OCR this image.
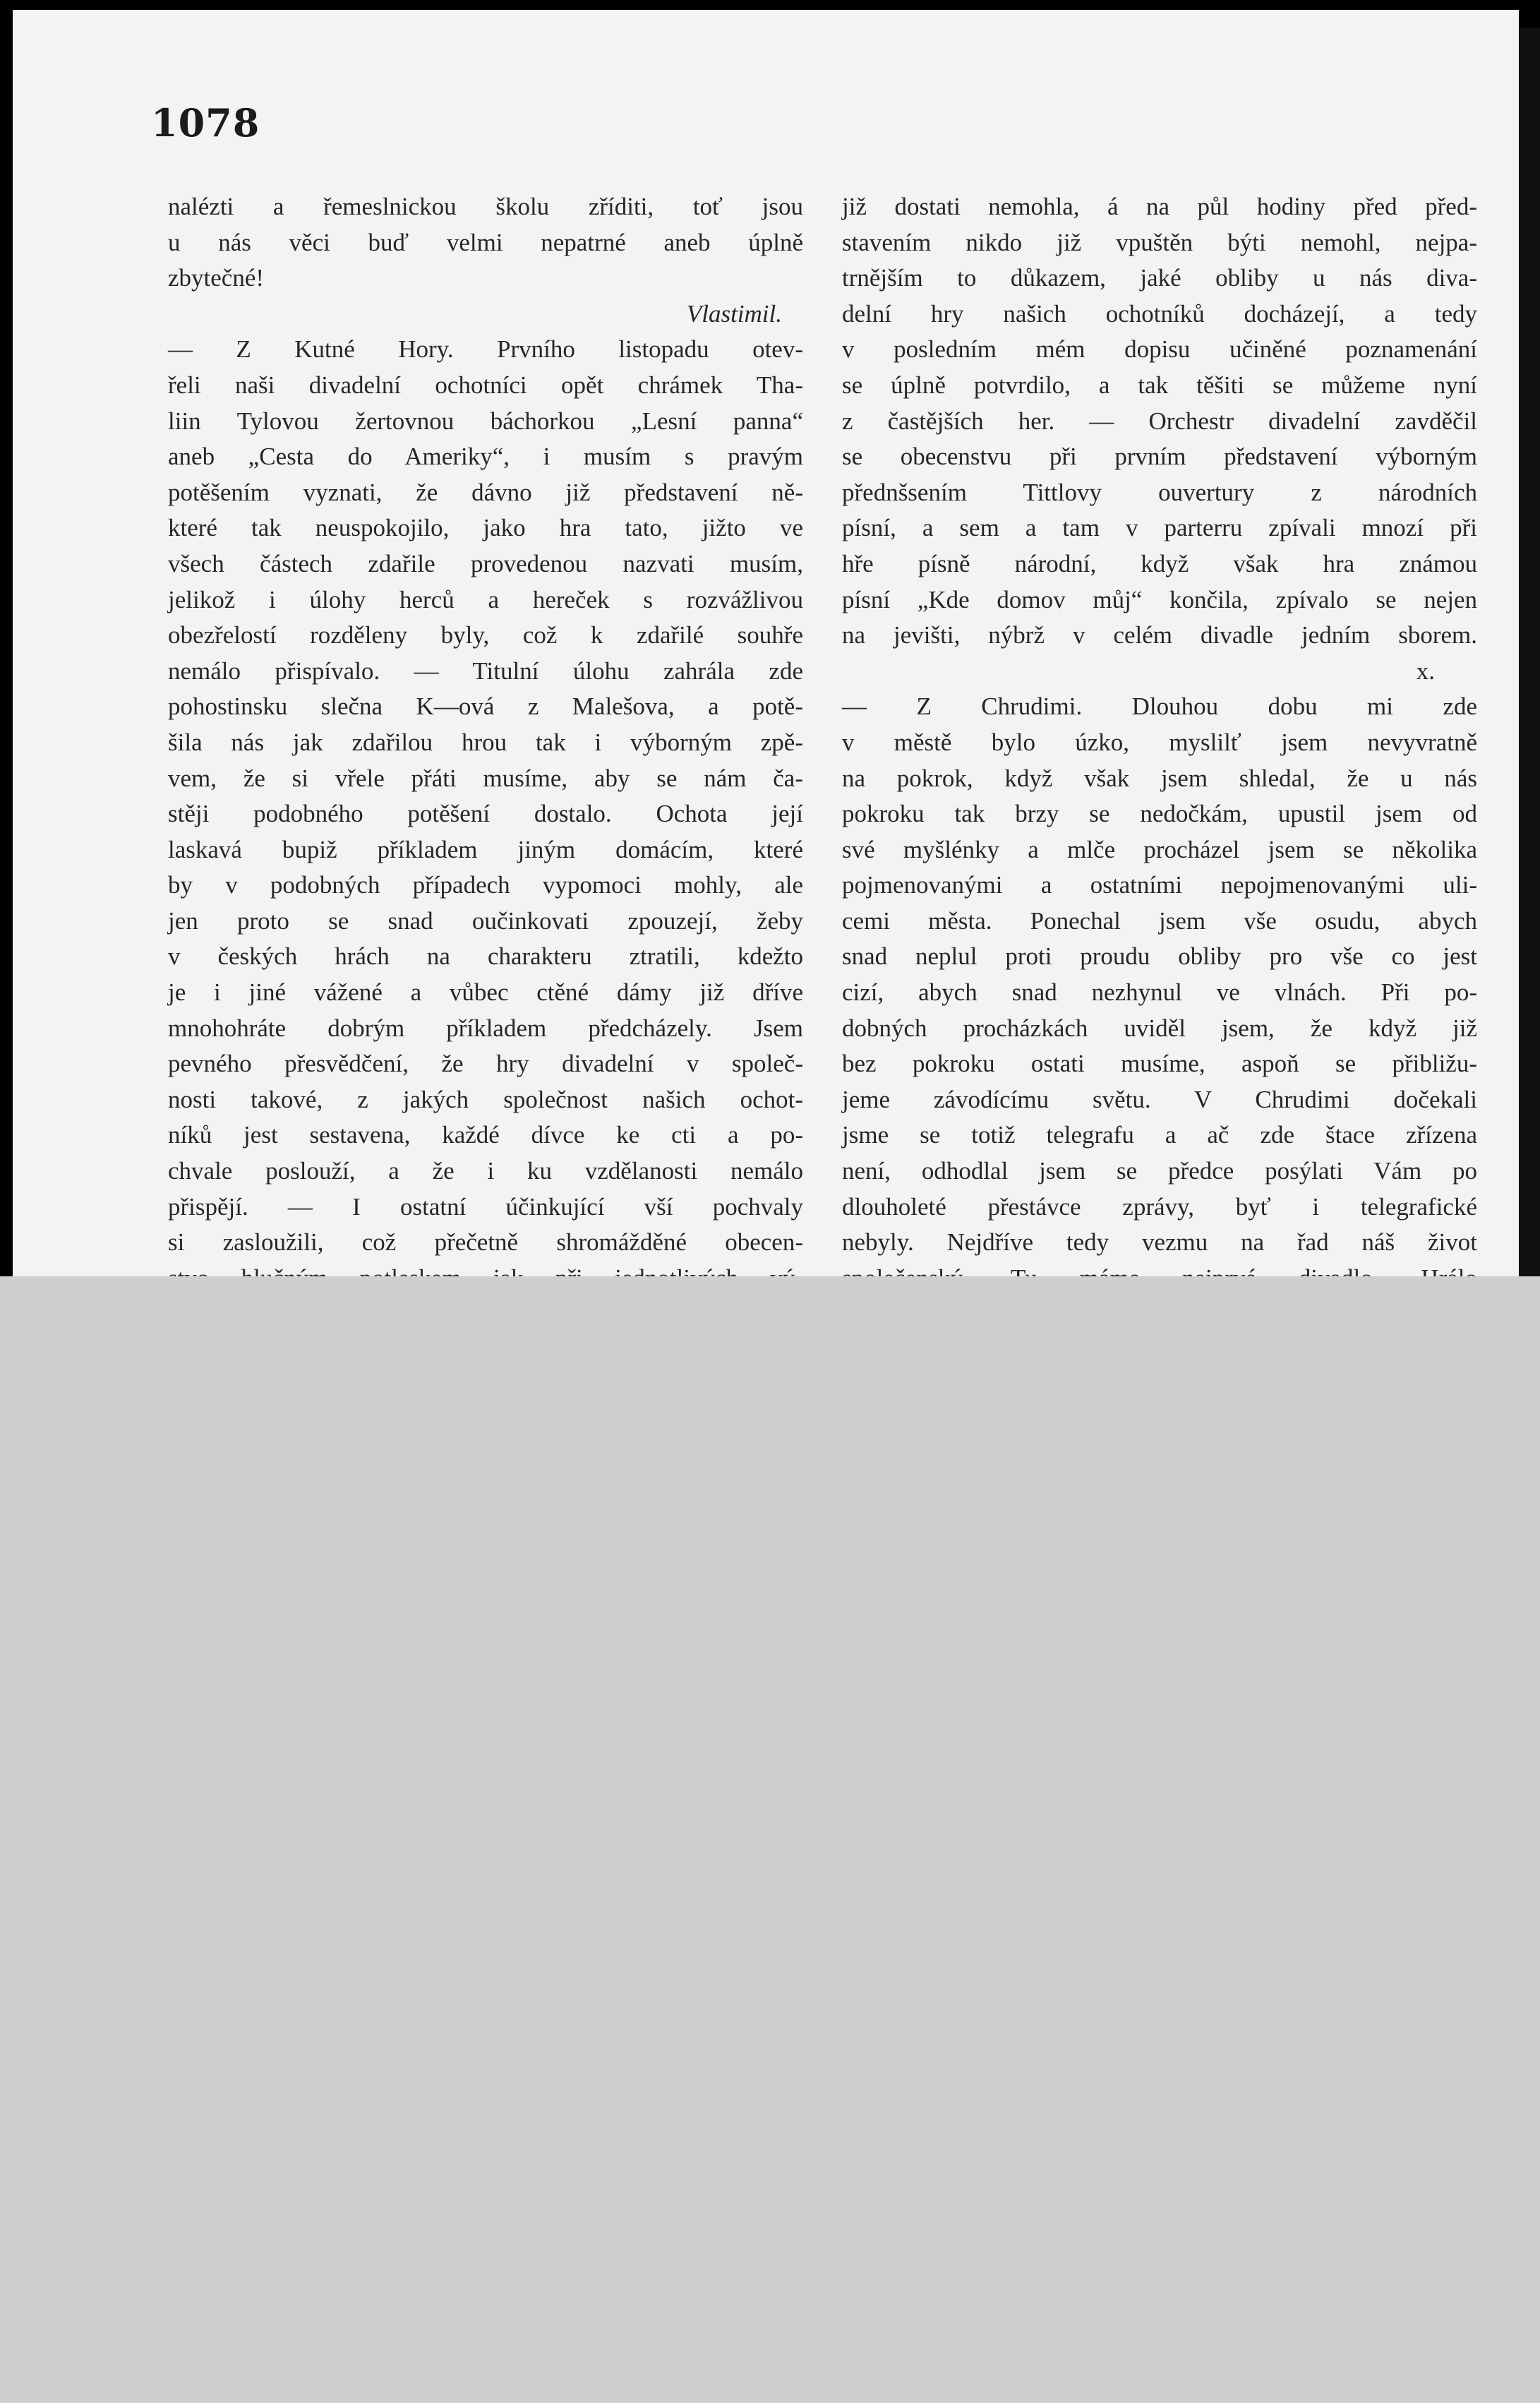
1078
nalézti a řemeslnickou školu zříditi, toť jsou
u nás věci buď velmi nepatrné aneb úplně
zbytečné!
Vlastimil.
— Z Kutné Hory. Prvního listopadu otev-
řeli naši divadelní ochotníci opět chrámek Tha-
liin Tylovou žertovnou báchorkou „Lesní panna“
aneb „Cesta do Ameriky“, i musím s pravým
potěšením vyznati, že dávno již představení ně-
které tak neuspokojilo, jako hra tato, jižto ve
všech částech zdařile provedenou nazvati musím,
jelikož i úlohy herců a hereček s rozvážlivou
obezřelostí rozděleny byly, což k zdařilé souhře
nemálo přispívalo. — Titulní úlohu zahrála zde
pohostinsku slečna K—ová z Malešova, a potě-
šila nás jak zdařilou hrou tak i výborným zpě-
vem, že si vřele přáti musíme, aby se nám ča-
stěji podobného potěšení dostalo. Ochota její
laskavá bupiž příkladem jiným domácím, které
by v podobných případech vypomoci mohly, ale
jen proto se snad oučinkovati zpouzejí, žeby
v českých hrách na charakteru ztratili, kdežto
je i jiné vážené a vůbec ctěné dámy již dříve
mnohohráte dobrým příkladem předcházely. Jsem
pevného přesvědčení, že hry divadelní v společ-
nosti takové, z jakých společnost našich ochot-
níků jest sestavena, každé dívce ke cti a po-
chvale poslouží, a že i ku vzdělanosti nemálo
přispějí. — I ostatní účinkující vší pochvaly
si zasloužili, což přečetně shromážděné obecen-
již dostati nemohla, á na půl hodiny před před-
stavením nikdo již vpuštěn býti nemohl, nejpa-
trnějším to důkazem, jaké obliby u nás diva-
delní hry našich ochotníků docházejí, a tedy
v posledním mém dopisu učiněné poznamenání
se úplně potvrdilo, a tak těšiti se můžeme nyní
z častějších her. — Orchestr divadelní zavděčil
se obecenstvu při prvním představení výborným
přednšsením Tittlovy ouvertury z národních
písní, a sem a tam v parterru zpívali mnozí při
hře písně národní, když však hra známou
písní „Kde domov můj“ končila, zpívalo se nejen
na jevišti, nýbrž v celém divadle jedním sborem.
x.
— Z Chrudimi. Dlouhou dobu mi zde
v městě bylo úzko, myslilť jsem nevyvratně
na pokrok, když však jsem shledal, že u nás
pokroku tak brzy se nedočkám, upustil jsem od
své myšlénky a mlče procházel jsem se několika
pojmenovanými a ostatními nepojmenovanými uli-
cemi města. Ponechal jsem vše osudu, abych
snad neplul proti proudu obliby pro vše co jest
cizí, abych snad nezhynul ve vlnách. Při po-
dobných procházkách uviděl jsem, že když již
bez pokroku ostati musíme, aspoň se přibližu-
jeme závodícímu světu. V Chrudimi dočekali
jsme se totiž telegrafu a ač zde štace zřízena
není, odhodlal jsem se předce posýlati Vám po
dlouholeté přestávce zprávy, byť i telegrafické
nebyly. Nejdříve tedy vezmu na řad náš život
